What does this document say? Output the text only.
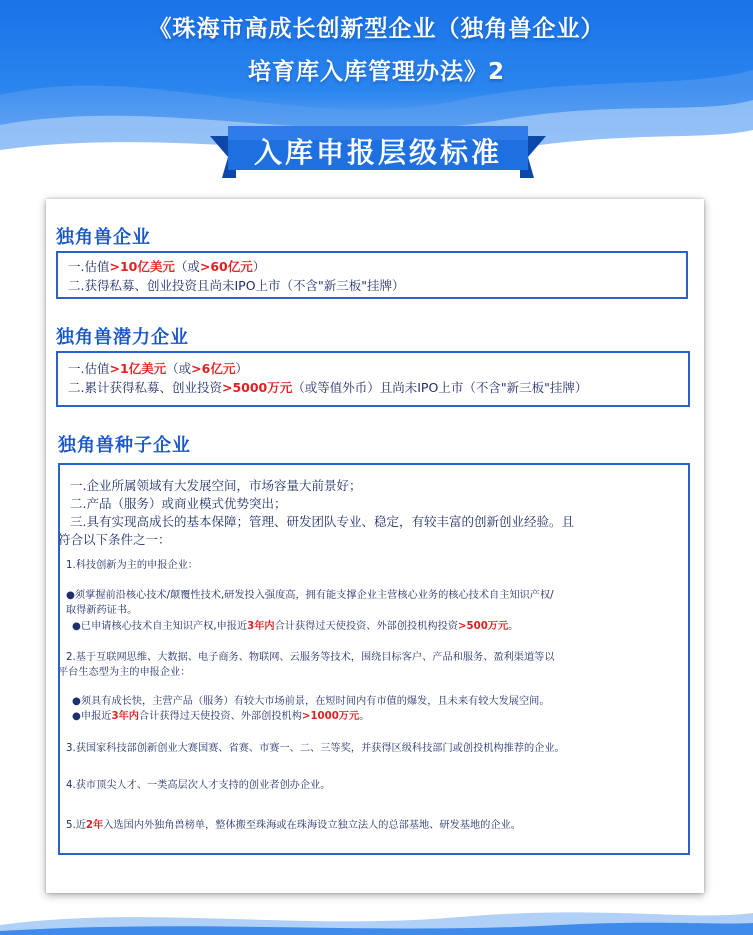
《珠海市高成长创新型企业（独角兽企业）
培育库入库管理办法》2
入库申报层级标准
独角兽企业
一.估值>10亿美元（或>60亿元）
二.获得私募、创业投资且尚未IPO上市（不含"新三板"挂牌）
独角兽潜力企业
一.估值>1亿美元（或>6亿元）
二.累计获得私募、创业投资>5000万元（或等值外币）且尚未IPO上市（不含"新三板"挂牌）
独角兽种子企业
一.企业所属领域有大发展空间，市场容量大前景好；
二.产品（服务）或商业模式优势突出；
三.具有实现高成长的基本保障；管理、研发团队专业、稳定，有较丰富的创新创业经验。且
符合以下条件之一：
1.科技创新为主的申报企业：
●须掌握前沿核心技术/颠覆性技术,研发投入强度高，拥有能支撑企业主营核心业务的核心技术自主知识产权/
取得新药证书。
●已申请核心技术自主知识产权,申报近3年内合计获得过天使投资、外部创投机构投资>500万元。
2.基于互联网思维、大数据、电子商务、物联网、云服务等技术，围绕目标客户、产品和服务、盈利渠道等以
平台生态型为主的申报企业：
●须具有成长快，主营产品（服务）有较大市场前景，在短时间内有市值的爆发，且未来有较大发展空间。
●申报近3年内合计获得过天使投资、外部创投机构>1000万元。
3.获国家科技部创新创业大赛国赛、省赛、市赛一、二、三等奖，并获得区级科技部门或创投机构推荐的企业。
4.获市顶尖人才、一类高层次人才支持的创业者创办企业。
5.近2年入选国内外独角兽榜单，整体搬至珠海或在珠海设立独立法人的总部基地、研发基地的企业。
